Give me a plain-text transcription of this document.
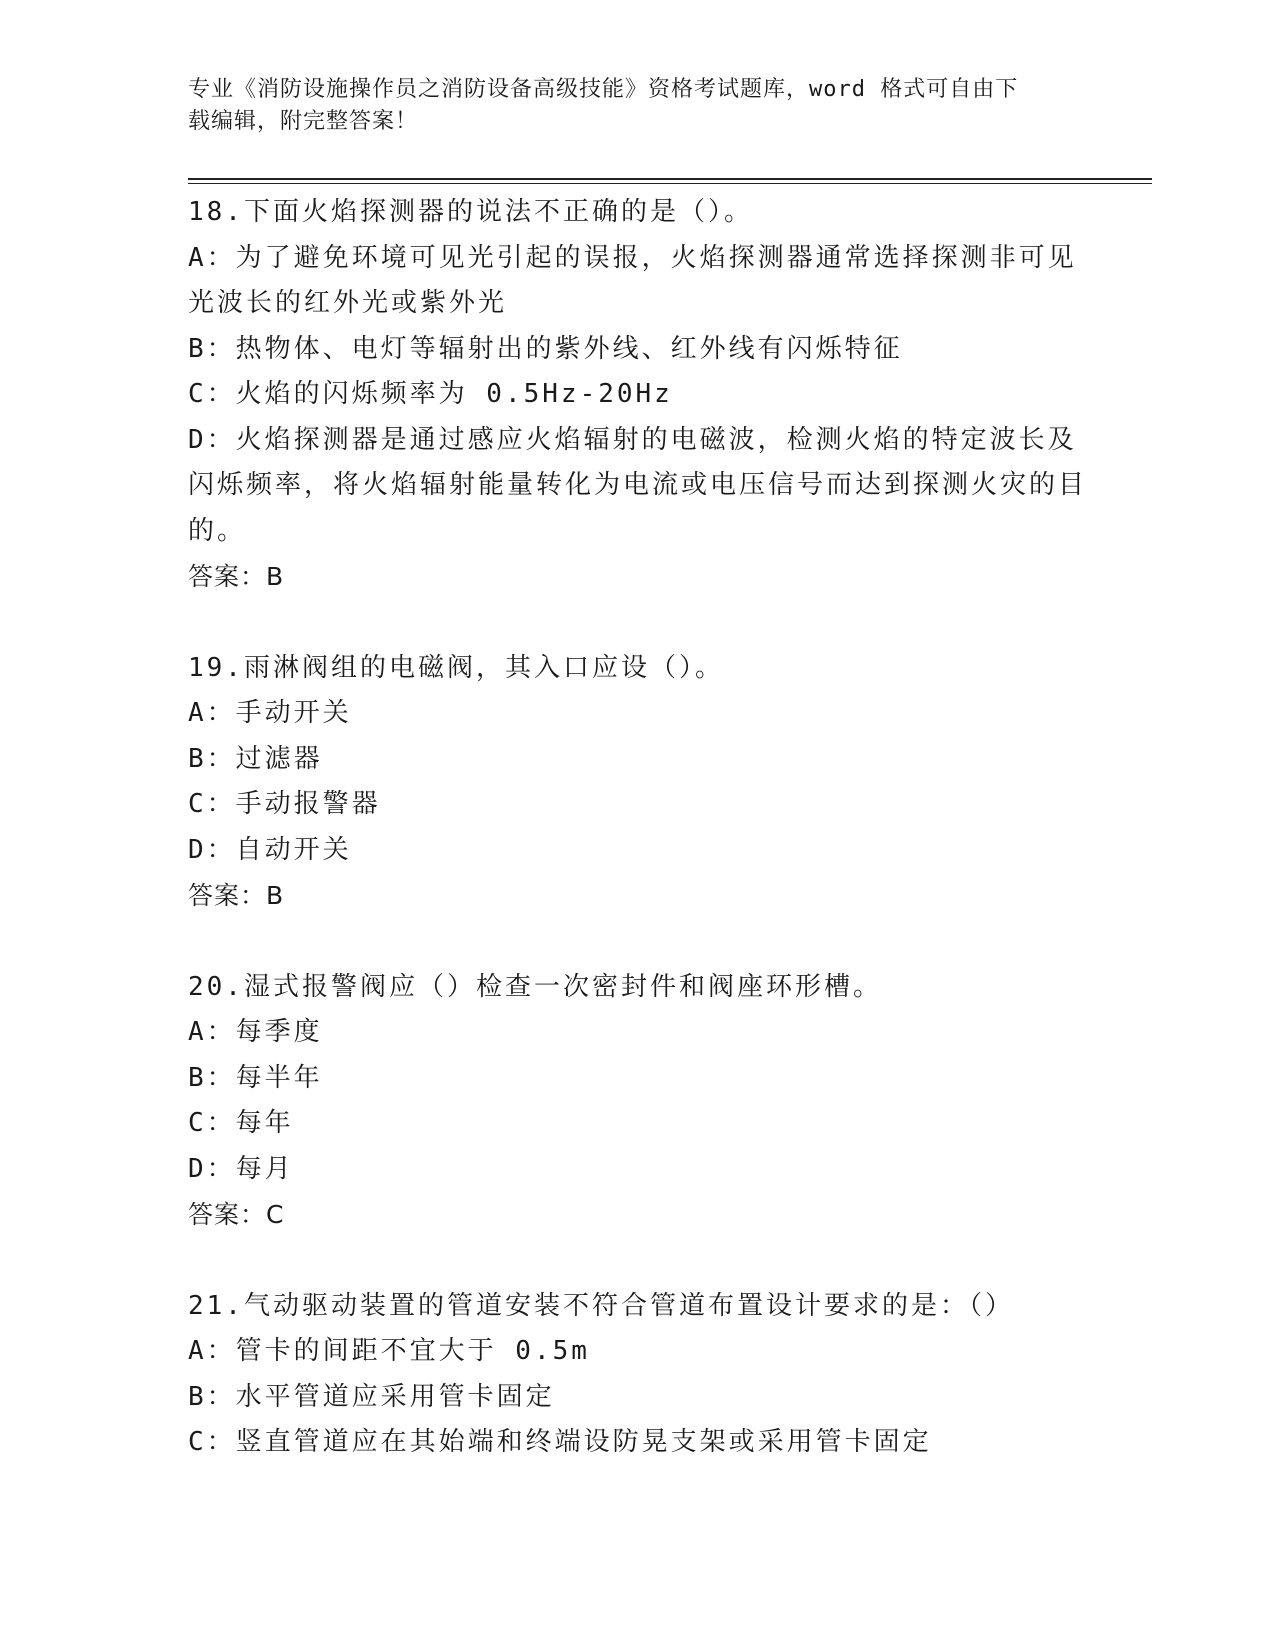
专业《消防设施操作员之消防设备高级技能》资格考试题库，word 格式可自由下
载编辑，附完整答案！
18.下面火焰探测器的说法不正确的是（）。
A：为了避免环境可见光引起的误报，火焰探测器通常选择探测非可见光波长的红外光或紫外光
B：热物体、电灯等辐射出的紫外线、红外线有闪烁特征
C：火焰的闪烁频率为 0.5Hz-20Hz
D：火焰探测器是通过感应火焰辐射的电磁波，检测火焰的特定波长及闪烁频率，将火焰辐射能量转化为电流或电压信号而达到探测火灾的目的。
答案：B
19.雨淋阀组的电磁阀，其入口应设（）。
A：手动开关
B：过滤器
C：手动报警器
D：自动开关
答案：B
20.湿式报警阀应（）检查一次密封件和阀座环形槽。
A：每季度
B：每半年
C：每年
D：每月
答案：C
21.气动驱动装置的管道安装不符合管道布置设计要求的是：（）
A：管卡的间距不宜大于 0.5m
B：水平管道应采用管卡固定
C：竖直管道应在其始端和终端设防晃支架或采用管卡固定
